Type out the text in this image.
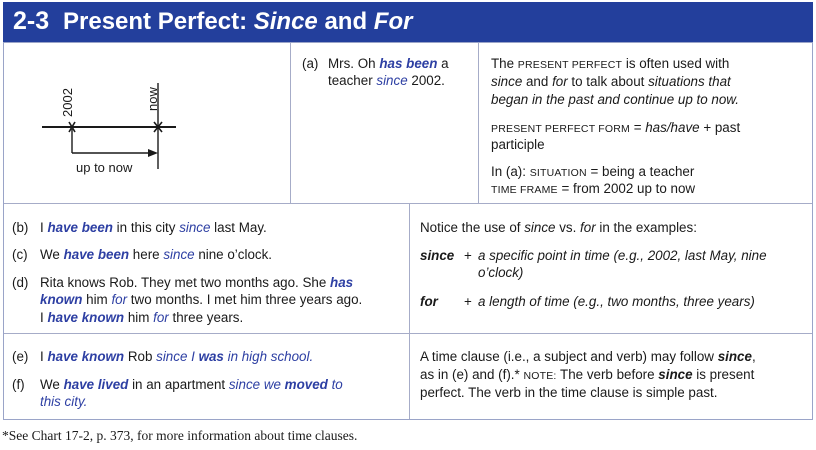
2-3 Present Perfect: Since and For
2002	now
up to now
(a) Mrs. Oh has been a
teacher since 2002.
The PRESENT PERFECT is often used with
since and for to talk about situations that
began in the past and continue up to now.
PRESENT PERFECT FORM = has/have + past
participle
In (a): SITUATION = being a teacher
TIME FRAME = from 2002 up to now
(b) I have been in this city since last May.
(c) We have been here since nine o’clock.
(d) Rita knows Rob. They met two months ago. She has
known him for two months. I met him three years ago.
I have known him for three years.
Notice the use of since vs. for in the examples:
since + a specific point in time (e.g., 2002, last May, nine
o’clock)
for + a length of time (e.g., two months, three years)
(e) I have known Rob since I was in high school.
(f) We have lived in an apartment since we moved to
this city.
A time clause (i.e., a subject and verb) may follow since,
as in (e) and (f).* NOTE: The verb before since is present
perfect. The verb in the time clause is simple past.
*See Chart 17-2, p. 373, for more information about time clauses.
